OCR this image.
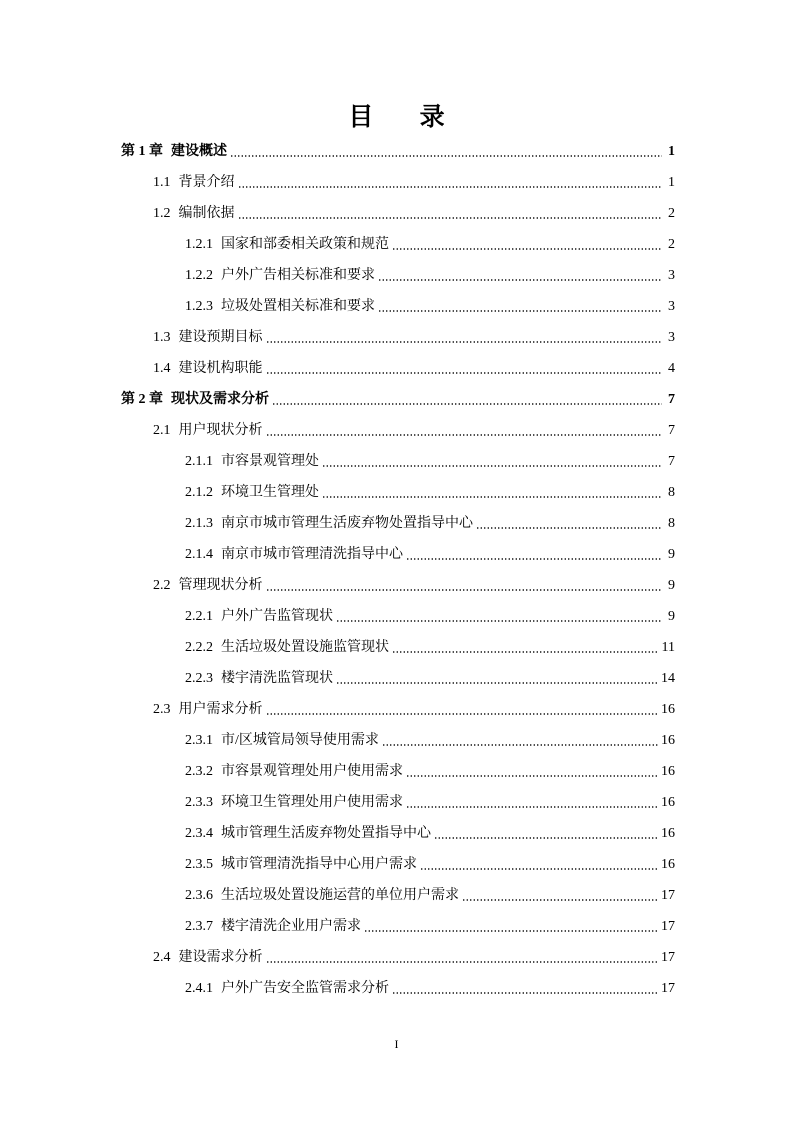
目 录
第 1 章 建设概述	1
1.1 背景介绍	1
1.2 编制依据	2
1.2.1 国家和部委相关政策和规范	2
1.2.2 户外广告相关标准和要求	3
1.2.3 垃圾处置相关标准和要求	3
1.3 建设预期目标	3
1.4 建设机构职能	4
第 2 章 现状及需求分析	7
2.1 用户现状分析	7
2.1.1 市容景观管理处	7
2.1.2 环境卫生管理处	8
2.1.3 南京市城市管理生活废弃物处置指导中心	8
2.1.4 南京市城市管理清洗指导中心	9
2.2 管理现状分析	9
2.2.1 户外广告监管现状	9
2.2.2 生活垃圾处置设施监管现状	11
2.2.3 楼宇清洗监管现状	14
2.3 用户需求分析	16
2.3.1 市/区城管局领导使用需求	16
2.3.2 市容景观管理处用户使用需求	16
2.3.3 环境卫生管理处用户使用需求	16
2.3.4 城市管理生活废弃物处置指导中心	16
2.3.5 城市管理清洗指导中心用户需求	16
2.3.6 生活垃圾处置设施运营的单位用户需求	17
2.3.7 楼宇清洗企业用户需求	17
2.4 建设需求分析	17
2.4.1 户外广告安全监管需求分析	17
I
